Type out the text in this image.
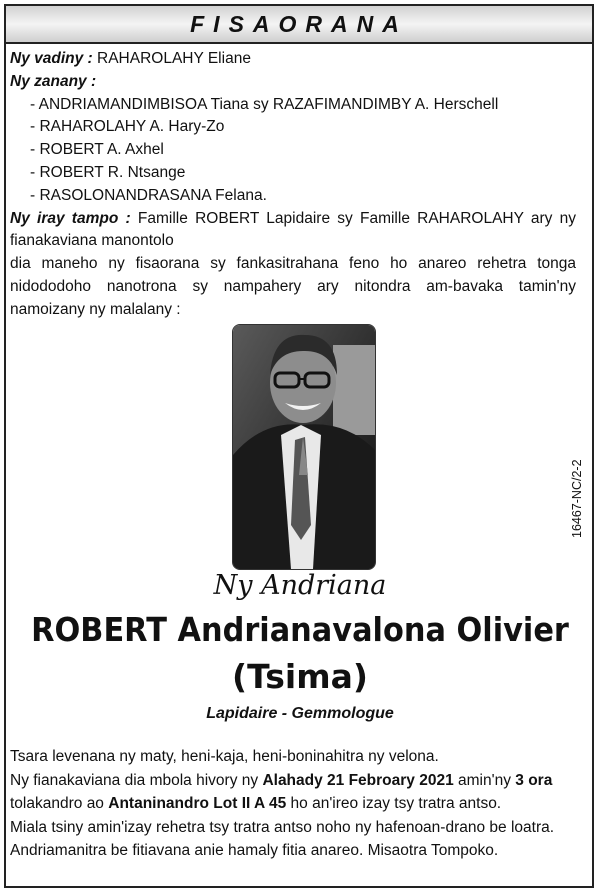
FISAORANA

Ny vadiny : RAHAROLAHY Eliane

Ny zanany :

- ANDRIAMANDIMBISOA Tiana sy RAZAFIMANDIMBY A. Herschell

- RAHAROLAHY A. Hary-Zo

- ROBERT A. Axhel

- ROBERT R. Ntsange

- RASOLONANDRASANA Felana.

Ny iray tampo : Famille ROBERT Lapidaire sy Famille RAHAROLAHY ary ny

fianakaviana manontolo

dia maneho ny fisaorana sy fankasitrahana feno ho anareo rehetra tonga

nidododoho nanotrona sy nampahery ary nitondra am-bavaka tamin'ny

namoizany ny malalany :

16467-NC/2-2
Ny Andriana
ROBERT Andrianavalona Olivier
(Tsima)
Lapidaire - Gemmologue

Tsara levenana ny maty, heni-kaja, heni-boninahitra ny velona.

Ny fianakaviana dia mbola hivory ny Alahady 21 Febroary 2021 amin'ny 3 ora

tolakandro ao Antaninandro Lot II A 45 ho an'ireo izay tsy tratra antso.

Miala tsiny amin'izay rehetra tsy tratra antso noho ny hafenoan-drano be loatra.

Andriamanitra be fitiavana anie hamaly fitia anareo. Misaotra Tompoko.
